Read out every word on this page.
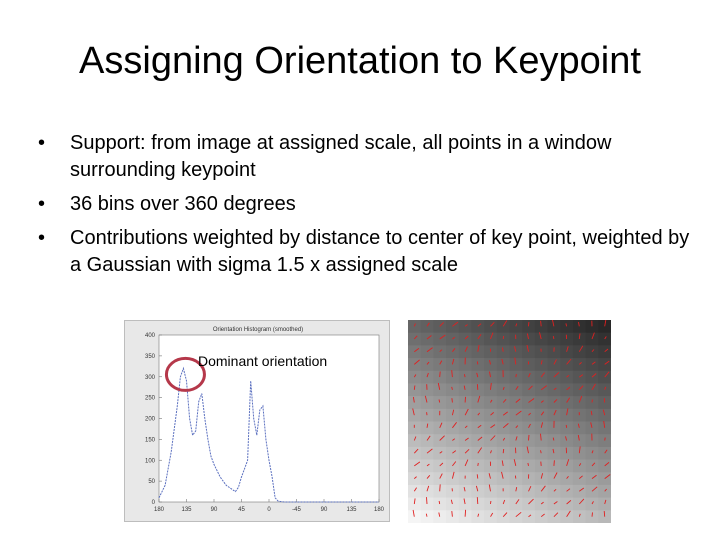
Assigning Orientation to Keypoint
• Support: from image at assigned scale, all points in a window surrounding keypoint
• 36 bins over 360 degrees
• Contributions weighted by distance to center of key point, weighted by a Gaussian with sigma 1.5 x assigned scale
Orientation Histogram (smoothed)
400
350
300
250
200
150
100
50
0
180	135	90	45	0	-45	90	135	180
Dominant orientation
